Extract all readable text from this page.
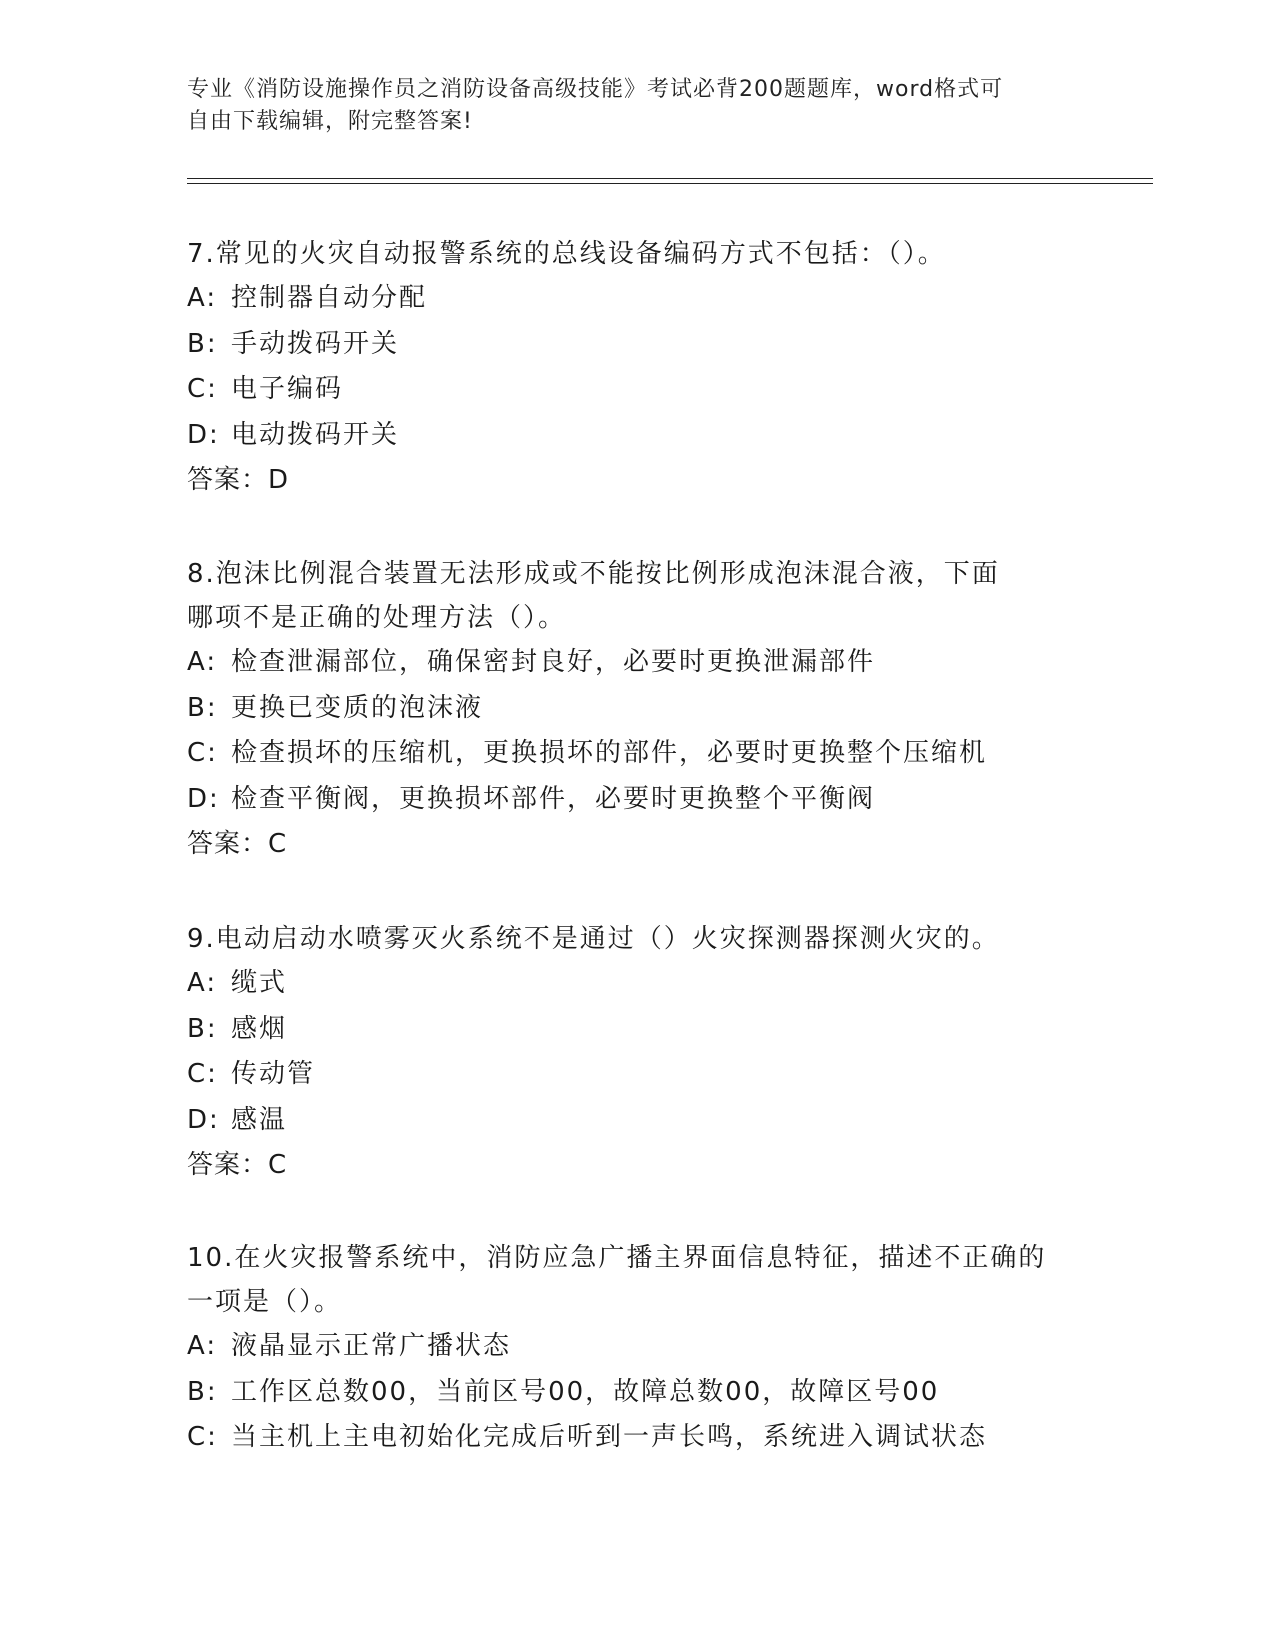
专业《消防设施操作员之消防设备高级技能》考试必背200题题库，word格式可
自由下载编辑，附完整答案!

7.常见的火灾自动报警系统的总线设备编码方式不包括：（）。

A: 控制器自动分配

B: 手动拨码开关

C: 电子编码

D: 电动拨码开关

答案：D

8.泡沫比例混合装置无法形成或不能按比例形成泡沫混合液，下面哪项不是正确的处理方法（）。

A: 检查泄漏部位，确保密封良好，必要时更换泄漏部件

B: 更换已变质的泡沫液

C: 检查损坏的压缩机，更换损坏的部件，必要时更换整个压缩机

D: 检查平衡阀，更换损坏部件，必要时更换整个平衡阀

答案：C

9.电动启动水喷雾灭火系统不是通过（）火灾探测器探测火灾的。

A: 缆式

B: 感烟

C: 传动管

D: 感温

答案：C

10.在火灾报警系统中，消防应急广播主界面信息特征，描述不正确的一项是（）。

A: 液晶显示正常广播状态

B: 工作区总数00，当前区号00，故障总数00，故障区号00

C: 当主机上主电初始化完成后听到一声长鸣，系统进入调试状态
